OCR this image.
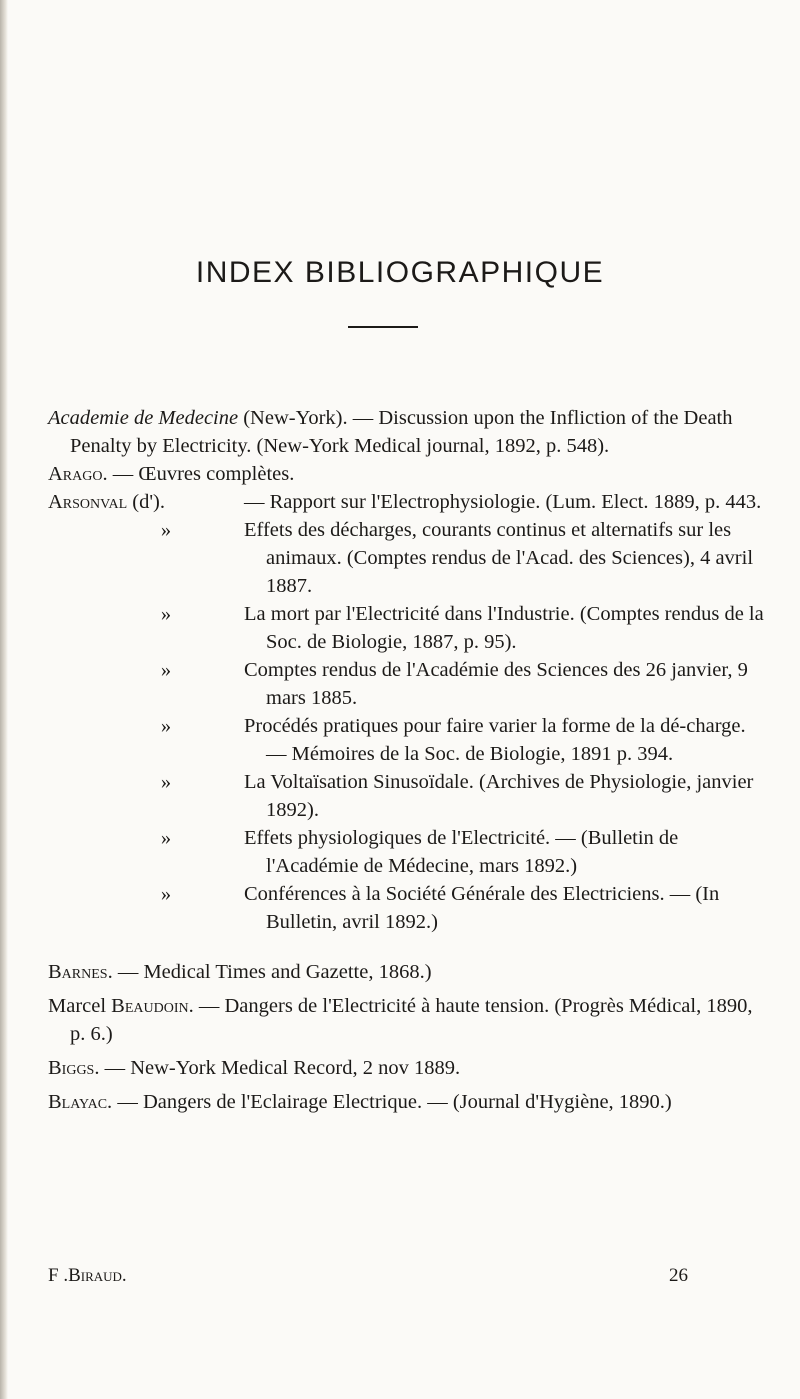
INDEX BIBLIOGRAPHIQUE

Academie de Medecine (New-York). — Discussion upon the Infliction of the Death Penalty by Electricity. (New-York Medical journal, 1892, p. 548).

Arago. — Œuvres complètes.

Arsonval (d').	— Rapport sur l'Electrophysiologie. (Lum. Elect. 1889, p. 443.
»	Effets des décharges, courants continus et alternatifs sur les animaux. (Comptes rendus de l'Acad. des Sciences), 4 avril 1887.
»	La mort par l'Electricité dans l'Industrie. (Comptes rendus de la Soc. de Biologie, 1887, p. 95).
»	Comptes rendus de l'Académie des Sciences des 26 janvier, 9 mars 1885.
»	Procédés pratiques pour faire varier la forme de la dé-charge. — Mémoires de la Soc. de Biologie, 1891 p. 394.
»	La Voltaïsation Sinusoïdale. (Archives de Physiologie, janvier 1892).
»	Effets physiologiques de l'Electricité. — (Bulletin de l'Académie de Médecine, mars 1892.)
»	Conférences à la Société Générale des Electriciens. — (In Bulletin, avril 1892.)

Barnes. — Medical Times and Gazette, 1868.)

Marcel Beaudoin. — Dangers de l'Electricité à haute tension. (Progrès Médical, 1890, p. 6.)

Biggs. — New-York Medical Record, 2 nov 1889.

Blayac. — Dangers de l'Eclairage Electrique. — (Journal d'Hygiène, 1890.)

F .Biraud.	26
